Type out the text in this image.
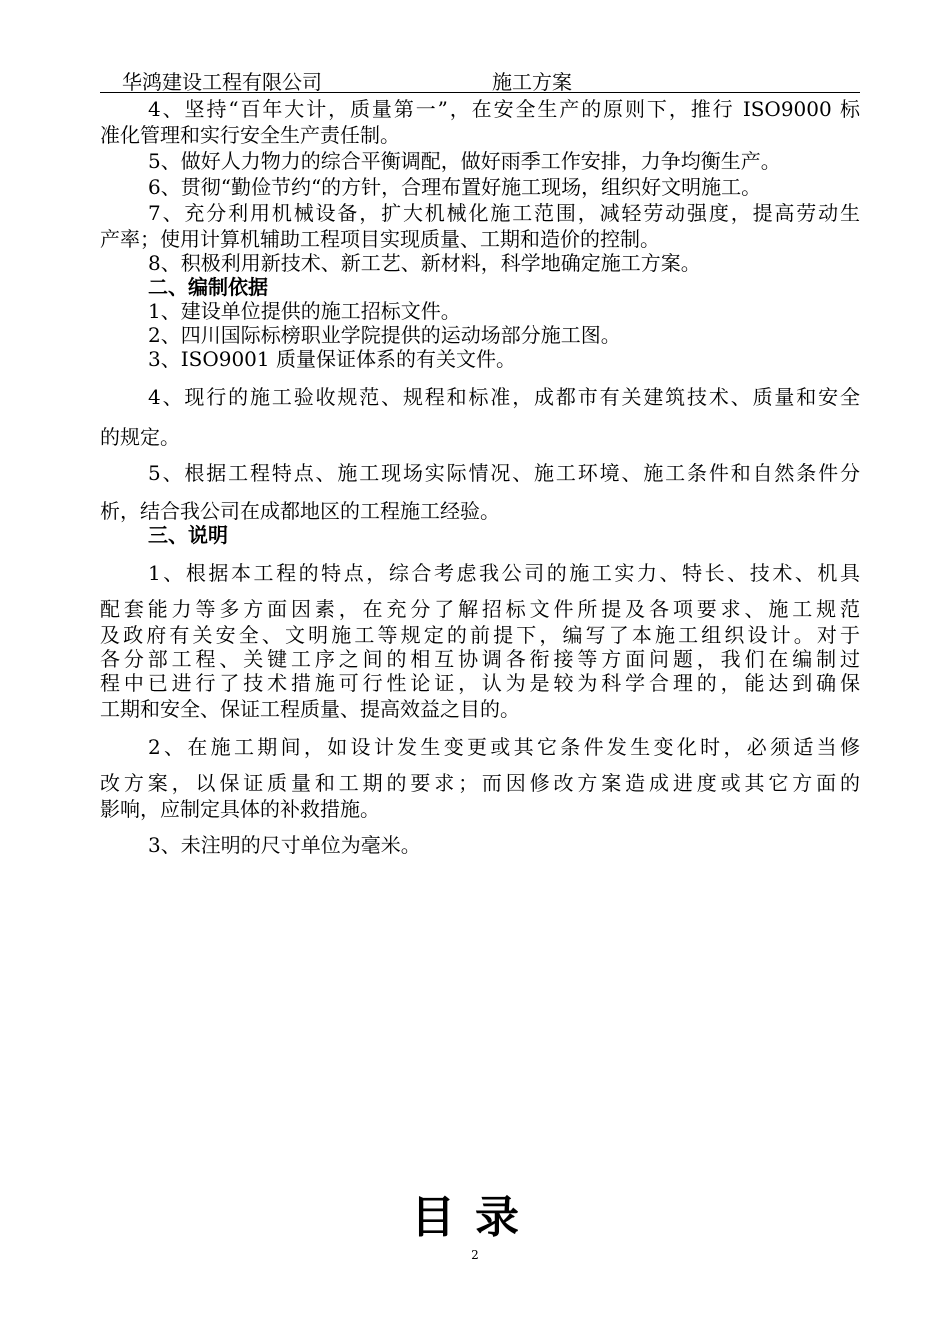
华鸿建设工程有限公司	施工方案
4、坚持“百年大计，质量第一”，在安全生产的原则下，推行 ISO9000 标
准化管理和实行安全生产责任制。
5、做好人力物力的综合平衡调配，做好雨季工作安排，力争均衡生产。
6、贯彻“勤俭节约“的方针，合理布置好施工现场，组织好文明施工。
7、充分利用机械设备，扩大机械化施工范围，减轻劳动强度，提高劳动生
产率；使用计算机辅助工程项目实现质量、工期和造价的控制。
8、积极利用新技术、新工艺、新材料，科学地确定施工方案。
二、编制依据
1、建设单位提供的施工招标文件。
2、四川国际标榜职业学院提供的运动场部分施工图。
3、ISO9001 质量保证体系的有关文件。
4、现行的施工验收规范、规程和标准，成都市有关建筑技术、质量和安全
的规定。
5、根据工程特点、施工现场实际情况、施工环境、施工条件和自然条件分
析，结合我公司在成都地区的工程施工经验。
三、说明
1、根据本工程的特点，综合考虑我公司的施工实力、特长、技术、机具
配套能力等多方面因素，在充分了解招标文件所提及各项要求、施工规范
及政府有关安全、文明施工等规定的前提下，编写了本施工组织设计。对于
各分部工程、关键工序之间的相互协调各衔接等方面问题，我们在编制过
程中已进行了技术措施可行性论证，认为是较为科学合理的，能达到确保
工期和安全、保证工程质量、提高效益之目的。
2、在施工期间，如设计发生变更或其它条件发生变化时，必须适当修
改方案，以保证质量和工期的要求；而因修改方案造成进度或其它方面的
影响，应制定具体的补救措施。
3、未注明的尺寸单位为毫米。
目录
2
